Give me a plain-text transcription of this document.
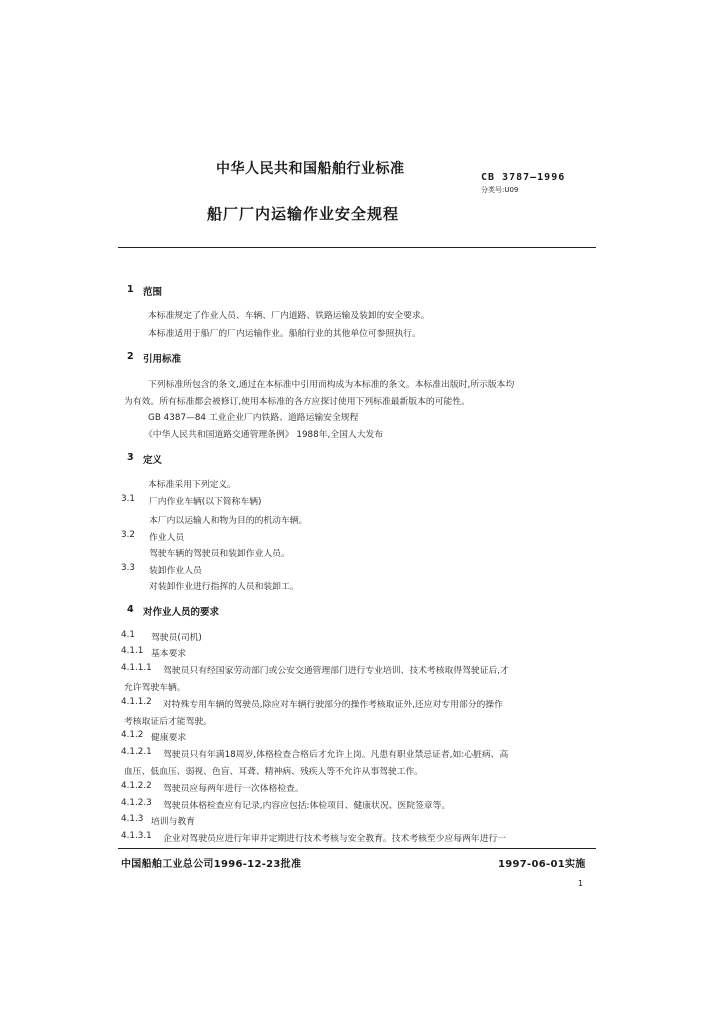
中华人民共和国船舶行业标准
CB 3787—1996
分类号:U09
船厂厂内运输作业安全规程
1 范围
本标准规定了作业人员、车辆、厂内道路、铁路运输及装卸的安全要求。
本标准适用于船厂的厂内运输作业。船舶行业的其他单位可参照执行。
2 引用标准
下列标准所包含的条文,通过在本标准中引用而构成为本标准的条文。本标准出版时,所示版本均
为有效。所有标准都会被修订,使用本标准的各方应探讨使用下列标准最新版本的可能性。
GB 4387—84 工业企业厂内铁路、道路运输安全规程
《中华人民共和国道路交通管理条例》 1988年,全国人大发布
3 定义
本标准采用下列定义。
3.1 厂内作业车辆(以下简称车辆)
本厂内以运输人和物为目的的机动车辆。
3.2 作业人员
驾驶车辆的驾驶员和装卸作业人员。
3.3 装卸作业人员
对装卸作业进行指挥的人员和装卸工。
4 对作业人员的要求
4.1 驾驶员(司机)
4.1.1 基本要求
4.1.1.1 驾驶员只有经国家劳动部门或公安交通管理部门进行专业培训、技术考核取得驾驶证后,才
允许驾驶车辆。
4.1.1.2 对特殊专用车辆的驾驶员,除应对车辆行驶部分的操作考核取证外,还应对专用部分的操作
考核取证后才能驾驶。
4.1.2 健康要求
4.1.2.1 驾驶员只有年满18周岁,体格检查合格后才允许上岗。凡患有职业禁忌证者,如:心脏病、高
血压、低血压、弱视、色盲、耳聋、精神病、残疾人等不允许从事驾驶工作。
4.1.2.2 驾驶员应每两年进行一次体格检查。
4.1.2.3 驾驶员体格检查应有记录,内容应包括:体检项目、健康状况、医院签章等。
4.1.3 培训与教育
4.1.3.1 企业对驾驶员应进行年审并定期进行技术考核与安全教育。技术考核至少应每两年进行一
中国船舶工业总公司1996-12-23批准	1997-06-01实施
1
